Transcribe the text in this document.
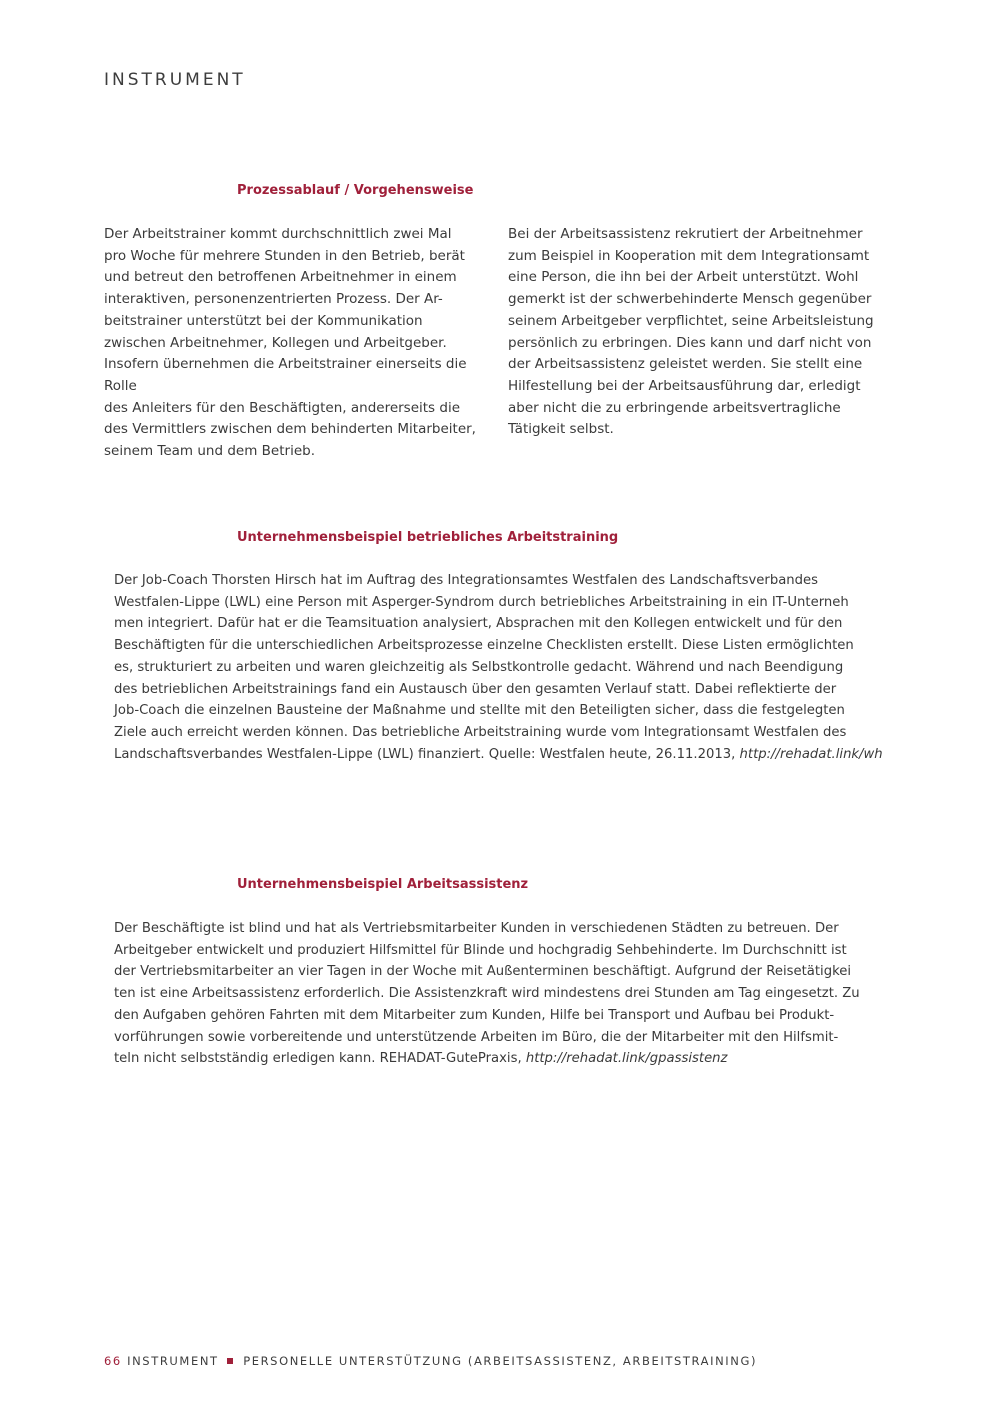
INSTRUMENT
Prozessablauf / Vorgehensweise
Der Arbeitstrainer kommt durchschnittlich zwei Mal
pro Woche für mehrere Stunden in den Betrieb, berät
und betreut den betroffenen Arbeitnehmer in einem
interaktiven, personenzentrierten Prozess. Der Ar-
beitstrainer unterstützt bei der Kommunikation
zwischen Arbeitnehmer, Kollegen und Arbeitgeber.
Insofern übernehmen die Arbeitstrainer einerseits die
Rolle
des Anleiters für den Beschäftigten, andererseits die
des Vermittlers zwischen dem behinderten Mitarbeiter,
seinem Team und dem Betrieb.
Bei der Arbeitsassistenz rekrutiert der Arbeitnehmer
zum Beispiel in Kooperation mit dem Integrationsamt
eine Person, die ihn bei der Arbeit unterstützt. Wohl
gemerkt ist der schwerbehinderte Mensch gegenüber
seinem Arbeitgeber verpflichtet, seine Arbeitsleistung
persönlich zu erbringen. Dies kann und darf nicht von
der Arbeitsassistenz geleistet werden. Sie stellt eine
Hilfestellung bei der Arbeitsausführung dar, erledigt
aber nicht die zu erbringende arbeitsvertragliche
Tätigkeit selbst.
Unternehmensbeispiel betriebliches Arbeitstraining
Der Job-Coach Thorsten Hirsch hat im Auftrag des Integrationsamtes Westfalen des Landschaftsverbandes
Westfalen-Lippe (LWL) eine Person mit Asperger-Syndrom durch betriebliches Arbeitstraining in ein IT-Unterneh
men integriert. Dafür hat er die Teamsituation analysiert, Absprachen mit den Kollegen entwickelt und für den
Beschäftigten für die unterschiedlichen Arbeitsprozesse einzelne Checklisten erstellt. Diese Listen ermöglichten
es, strukturiert zu arbeiten und waren gleichzeitig als Selbstkontrolle gedacht. Während und nach Beendigung
des betrieblichen Arbeitstrainings fand ein Austausch über den gesamten Verlauf statt. Dabei reflektierte der
Job-Coach die einzelnen Bausteine der Maßnahme und stellte mit den Beteiligten sicher, dass die festgelegten
Ziele auch erreicht werden können. Das betriebliche Arbeitstraining wurde vom Integrationsamt Westfalen des
Landschaftsverbandes Westfalen-Lippe (LWL) finanziert. Quelle: Westfalen heute, 26.11.2013, http://rehadat.link/wh
Unternehmensbeispiel Arbeitsassistenz
Der Beschäftigte ist blind und hat als Vertriebsmitarbeiter Kunden in verschiedenen Städten zu betreuen. Der
Arbeitgeber entwickelt und produziert Hilfsmittel für Blinde und hochgradig Sehbehinderte. Im Durchschnitt ist
der Vertriebsmitarbeiter an vier Tagen in der Woche mit Außenterminen beschäftigt. Aufgrund der Reisetätigkei
ten ist eine Arbeitsassistenz erforderlich. Die Assistenzkraft wird mindestens drei Stunden am Tag eingesetzt. Zu
den Aufgaben gehören Fahrten mit dem Mitarbeiter zum Kunden, Hilfe bei Transport und Aufbau bei Produkt-
vorführungen sowie vorbereitende und unterstützende Arbeiten im Büro, die der Mitarbeiter mit den Hilfsmit-
teln nicht selbstständig erledigen kann. REHADAT-GutePraxis, http://rehadat.link/gpassistenz
66 INSTRUMENT PERSONELLE UNTERSTÜTZUNG (ARBEITSASSISTENZ, ARBEITSTRAINING)
